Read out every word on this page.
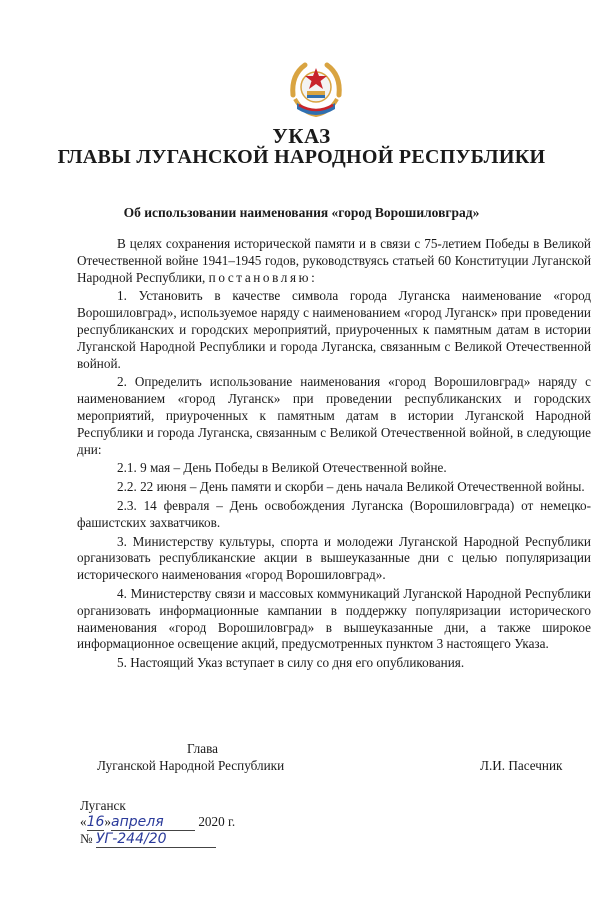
УКАЗ
ГЛАВЫ ЛУГАНСКОЙ НАРОДНОЙ РЕСПУБЛИКИ
Об использовании наименования «город Ворошиловград»

В целях сохранения исторической памяти и в связи с 75-летием Победы в Великой Отечественной войне 1941–1945 годов, руководствуясь статьей 60 Конституции Луганской Народной Республики, постановляю:

1. Установить в качестве символа города Луганска наименование «город Ворошиловград», используемое наряду с наименованием «город Луганск» при проведении республиканских и городских мероприятий, приуроченных к памятным датам в истории Луганской Народной Республики и города Луганска, связанным с Великой Отечественной войной.

2. Определить использование наименования «город Ворошиловград» наряду с наименованием «город Луганск» при проведении республиканских и городских мероприятий, приуроченных к памятным датам в истории Луганской Народной Республики и города Луганска, связанным с Великой Отечественной войной, в следующие дни:

2.1. 9 мая – День Победы в Великой Отечественной войне.

2.2. 22 июня – День памяти и скорби – день начала Великой Отечественной войны.

2.3. 14 февраля – День освобождения Луганска (Ворошиловграда) от немецко-фашистских захватчиков.

3. Министерству культуры, спорта и молодежи Луганской Народной Республики организовать республиканские акции в вышеуказанные дни с целью популяризации исторического наименования «город Ворошиловград».

4. Министерству связи и массовых коммуникаций Луганской Народной Республики организовать информационные кампании в поддержку популяризации исторического наименования «город Ворошиловград» в вышеуказанные дни, а также широкое информационное освещение акций, предусмотренных пунктом 3 настоящего Указа.

5. Настоящий Указ вступает в силу со дня его опубликования.

Глава
Луганской Народной Республики	Л.И. Пасечник
Луганск
«16»апреля	2020 г.
№ УГ-244/20
